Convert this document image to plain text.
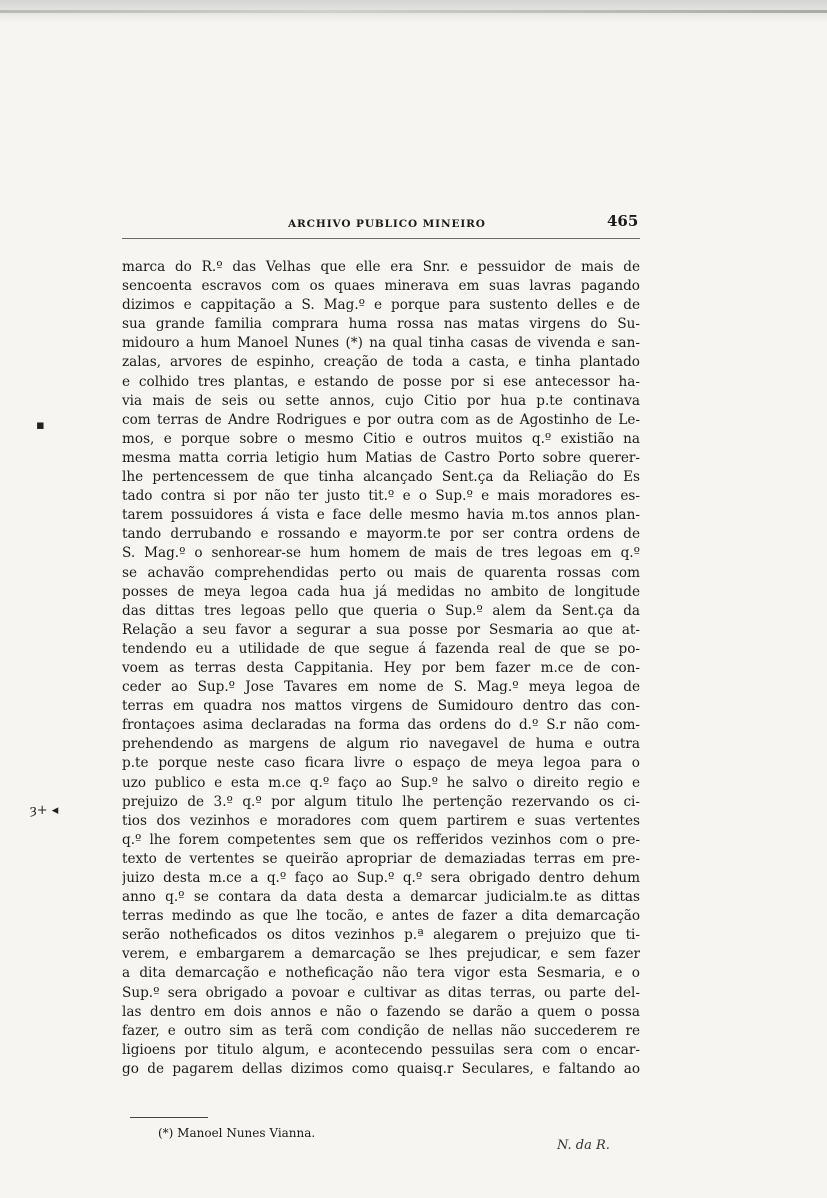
ARCHIVO PUBLICO MINEIRO	465
marca do R.º das Velhas que elle era Snr. e pessuidor de mais de
sencoenta escravos com os quaes minerava em suas lavras pagando
dizimos e cappitação a S. Mag.º e porque para sustento delles e de
sua grande familia comprara huma rossa nas matas virgens do Su-
midouro a hum Manoel Nunes (*) na qual tinha casas de vivenda e san-
zalas, arvores de espinho, creação de toda a casta, e tinha plantado
e colhido tres plantas, e estando de posse por si ese antecessor ha-
via mais de seis ou sette annos, cujo Citio por hua p.te continava
com terras de Andre Rodrigues e por outra com as de Agostinho de Le-
mos, e porque sobre o mesmo Citio e outros muitos q.º existião na
mesma matta corria letigio hum Matias de Castro Porto sobre querer-
lhe pertencessem de que tinha alcançado Sent.ça da Reliação do Es
tado contra si por não ter justo tit.º e o Sup.º e mais moradores es-
tarem possuidores á vista e face delle mesmo havia m.tos annos plan-
tando derrubando e rossando e mayorm.te por ser contra ordens de
S. Mag.º o senhorear-se hum homem de mais de tres legoas em q.º
se achavão comprehendidas perto ou mais de quarenta rossas com
posses de meya legoa cada hua já medidas no ambito de longitude
das dittas tres legoas pello que queria o Sup.º alem da Sent.ça da
Relação a seu favor a segurar a sua posse por Sesmaria ao que at-
tendendo eu a utilidade de que segue á fazenda real de que se po-
voem as terras desta Cappitania. Hey por bem fazer m.ce de con-
ceder ao Sup.º Jose Tavares em nome de S. Mag.º meya legoa de
terras em quadra nos mattos virgens de Sumidouro dentro das con-
frontaçoes asima declaradas na forma das ordens do d.º S.r não com-
prehendendo as margens de algum rio navegavel de huma e outra
p.te porque neste caso ficara livre o espaço de meya legoa para o
uzo publico e esta m.ce q.º faço ao Sup.º he salvo o direito regio e
prejuizo de 3.º q.º por algum titulo lhe pertenção rezervando os ci-
tios dos vezinhos e moradores com quem partirem e suas vertentes
q.º lhe forem competentes sem que os refferidos vezinhos com o pre-
texto de vertentes se queirão apropriar de demaziadas terras em pre-
juizo desta m.ce a q.º faço ao Sup.º q.º sera obrigado dentro dehum
anno q.º se contara da data desta a demarcar judicialm.te as dittas
terras medindo as que lhe tocão, e antes de fazer a dita demarcação
serão notheficados os ditos vezinhos p.ª alegarem o prejuizo que ti-
verem, e embargarem a demarcação se lhes prejudicar, e sem fazer
a dita demarcação e notheficação não tera vigor esta Sesmaria, e o
Sup.º sera obrigado a povoar e cultivar as ditas terras, ou parte del-
las dentro em dois annos e não o fazendo se darão a quem o possa
fazer, e outro sim as terã com condição de nellas não succederem re
ligioens por titulo algum, e acontecendo pessuilas sera com o encar-
go de pagarem dellas dizimos como quaisq.r Seculares, e faltando ao
▪
ȝ+ ◂
(*) Manoel Nunes Vianna.
N. da R.
